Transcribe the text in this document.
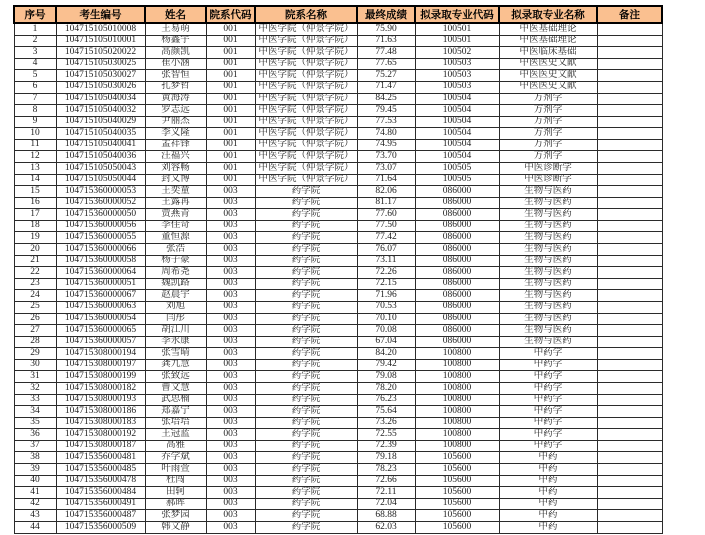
序号	考生编号	姓名	院系代码	院系名称	最终成绩	拟录取专业代码	拟录取专业名称	备注
1	104715105010008	王易萌	001	中医学院（仲景学院）	75.90	100501	中医基础理论	
2	104715105010001	杨鑫宇	001	中医学院（仲景学院）	71.63	100501	中医基础理论	
3	104715105020022	高颜凯	001	中医学院（仲景学院）	77.48	100502	中医临床基础	
4	104715105030025	崔小涵	001	中医学院（仲景学院）	77.65	100503	中医医史文献	
5	104715105030027	张智恒	001	中医学院（仲景学院）	75.27	100503	中医医史文献	
6	104715105030026	孔梦哲	001	中医学院（仲景学院）	71.47	100503	中医医史文献	
7	104715105040034	黄海涛	001	中医学院（仲景学院）	84.25	100504	方剂学	
8	104715105040032	罗志远	001	中医学院（仲景学院）	79.45	100504	方剂学	
9	104715105040029	尹丽杰	001	中医学院（仲景学院）	77.53	100504	方剂学	
10	104715105040035	李义隆	001	中医学院（仲景学院）	74.80	100504	方剂学	
11	104715105040041	孟祥锋	001	中医学院（仲景学院）	74.95	100504	方剂学	
12	104715105040036	汪福兴	001	中医学院（仲景学院）	73.70	100504	方剂学	
13	104715105050043	刘容畅	001	中医学院（仲景学院）	73.07	100505	中医诊断学	
14	104715105050044	封义博	001	中医学院（仲景学院）	71.64	100505	中医诊断学	
15	104715360000053	王奕童	003	药学院	82.06	086000	生物与医药	
16	104715360000052	王露苒	003	药学院	81.17	086000	生物与医药	
17	104715360000050	贾燕青	003	药学院	77.60	086000	生物与医药	
18	104715360000056	李佳奇	003	药学院	77.50	086000	生物与医药	
19	104715360000055	董恒源	003	药学院	77.42	086000	生物与医药	
20	104715360000066	张浩	003	药学院	76.07	086000	生物与医药	
21	104715360000058	杨子豪	003	药学院	73.11	086000	生物与医药	
22	104715360000064	周希尧	003	药学院	72.26	086000	生物与医药	
23	104715360000051	魏凯路	003	药学院	72.15	086000	生物与医药	
24	104715360000067	赵晨宇	003	药学院	71.96	086000	生物与医药	
25	104715360000063	刘旭	003	药学院	70.53	086000	生物与医药	
26	104715360000054	闫彤	003	药学院	70.10	086000	生物与医药	
27	104715360000065	胡江川	003	药学院	70.08	086000	生物与医药	
28	104715360000057	李永康	003	药学院	67.04	086000	生物与医药	
29	104715308000194	张雪晴	003	药学院	84.20	100800	中药学	
30	104715308000197	龚九慧	003	药学院	79.42	100800	中药学	
31	104715308000199	张致远	003	药学院	79.08	100800	中药学	
32	104715308000182	曹文慧	003	药学院	78.20	100800	中药学	
33	104715308000193	武思楠	003	药学院	76.23	100800	中药学	
34	104715308000186	郑嘉宁	003	药学院	75.64	100800	中药学	
35	104715308000183	张培培	003	药学院	73.26	100800	中药学	
36	104715308000192	王冠蓝	003	药学院	72.55	100800	中药学	
37	104715308000187	高雅	003	药学院	72.39	100800	中药学	
38	104715356000481	乔学斌	003	药学院	79.18	105600	中药	
39	104715356000485	叶雨萱	003	药学院	78.23	105600	中药	
40	104715356000478	杜闯	003	药学院	72.66	105600	中药	
41	104715356000484	田轲	003	药学院	72.11	105600	中药	
42	104715356000491	郝晖	003	药学院	72.04	105600	中药	
43	104715356000487	张梦园	003	药学院	68.88	105600	中药	
44	104715356000509	韩文静	003	药学院	62.03	105600	中药	
